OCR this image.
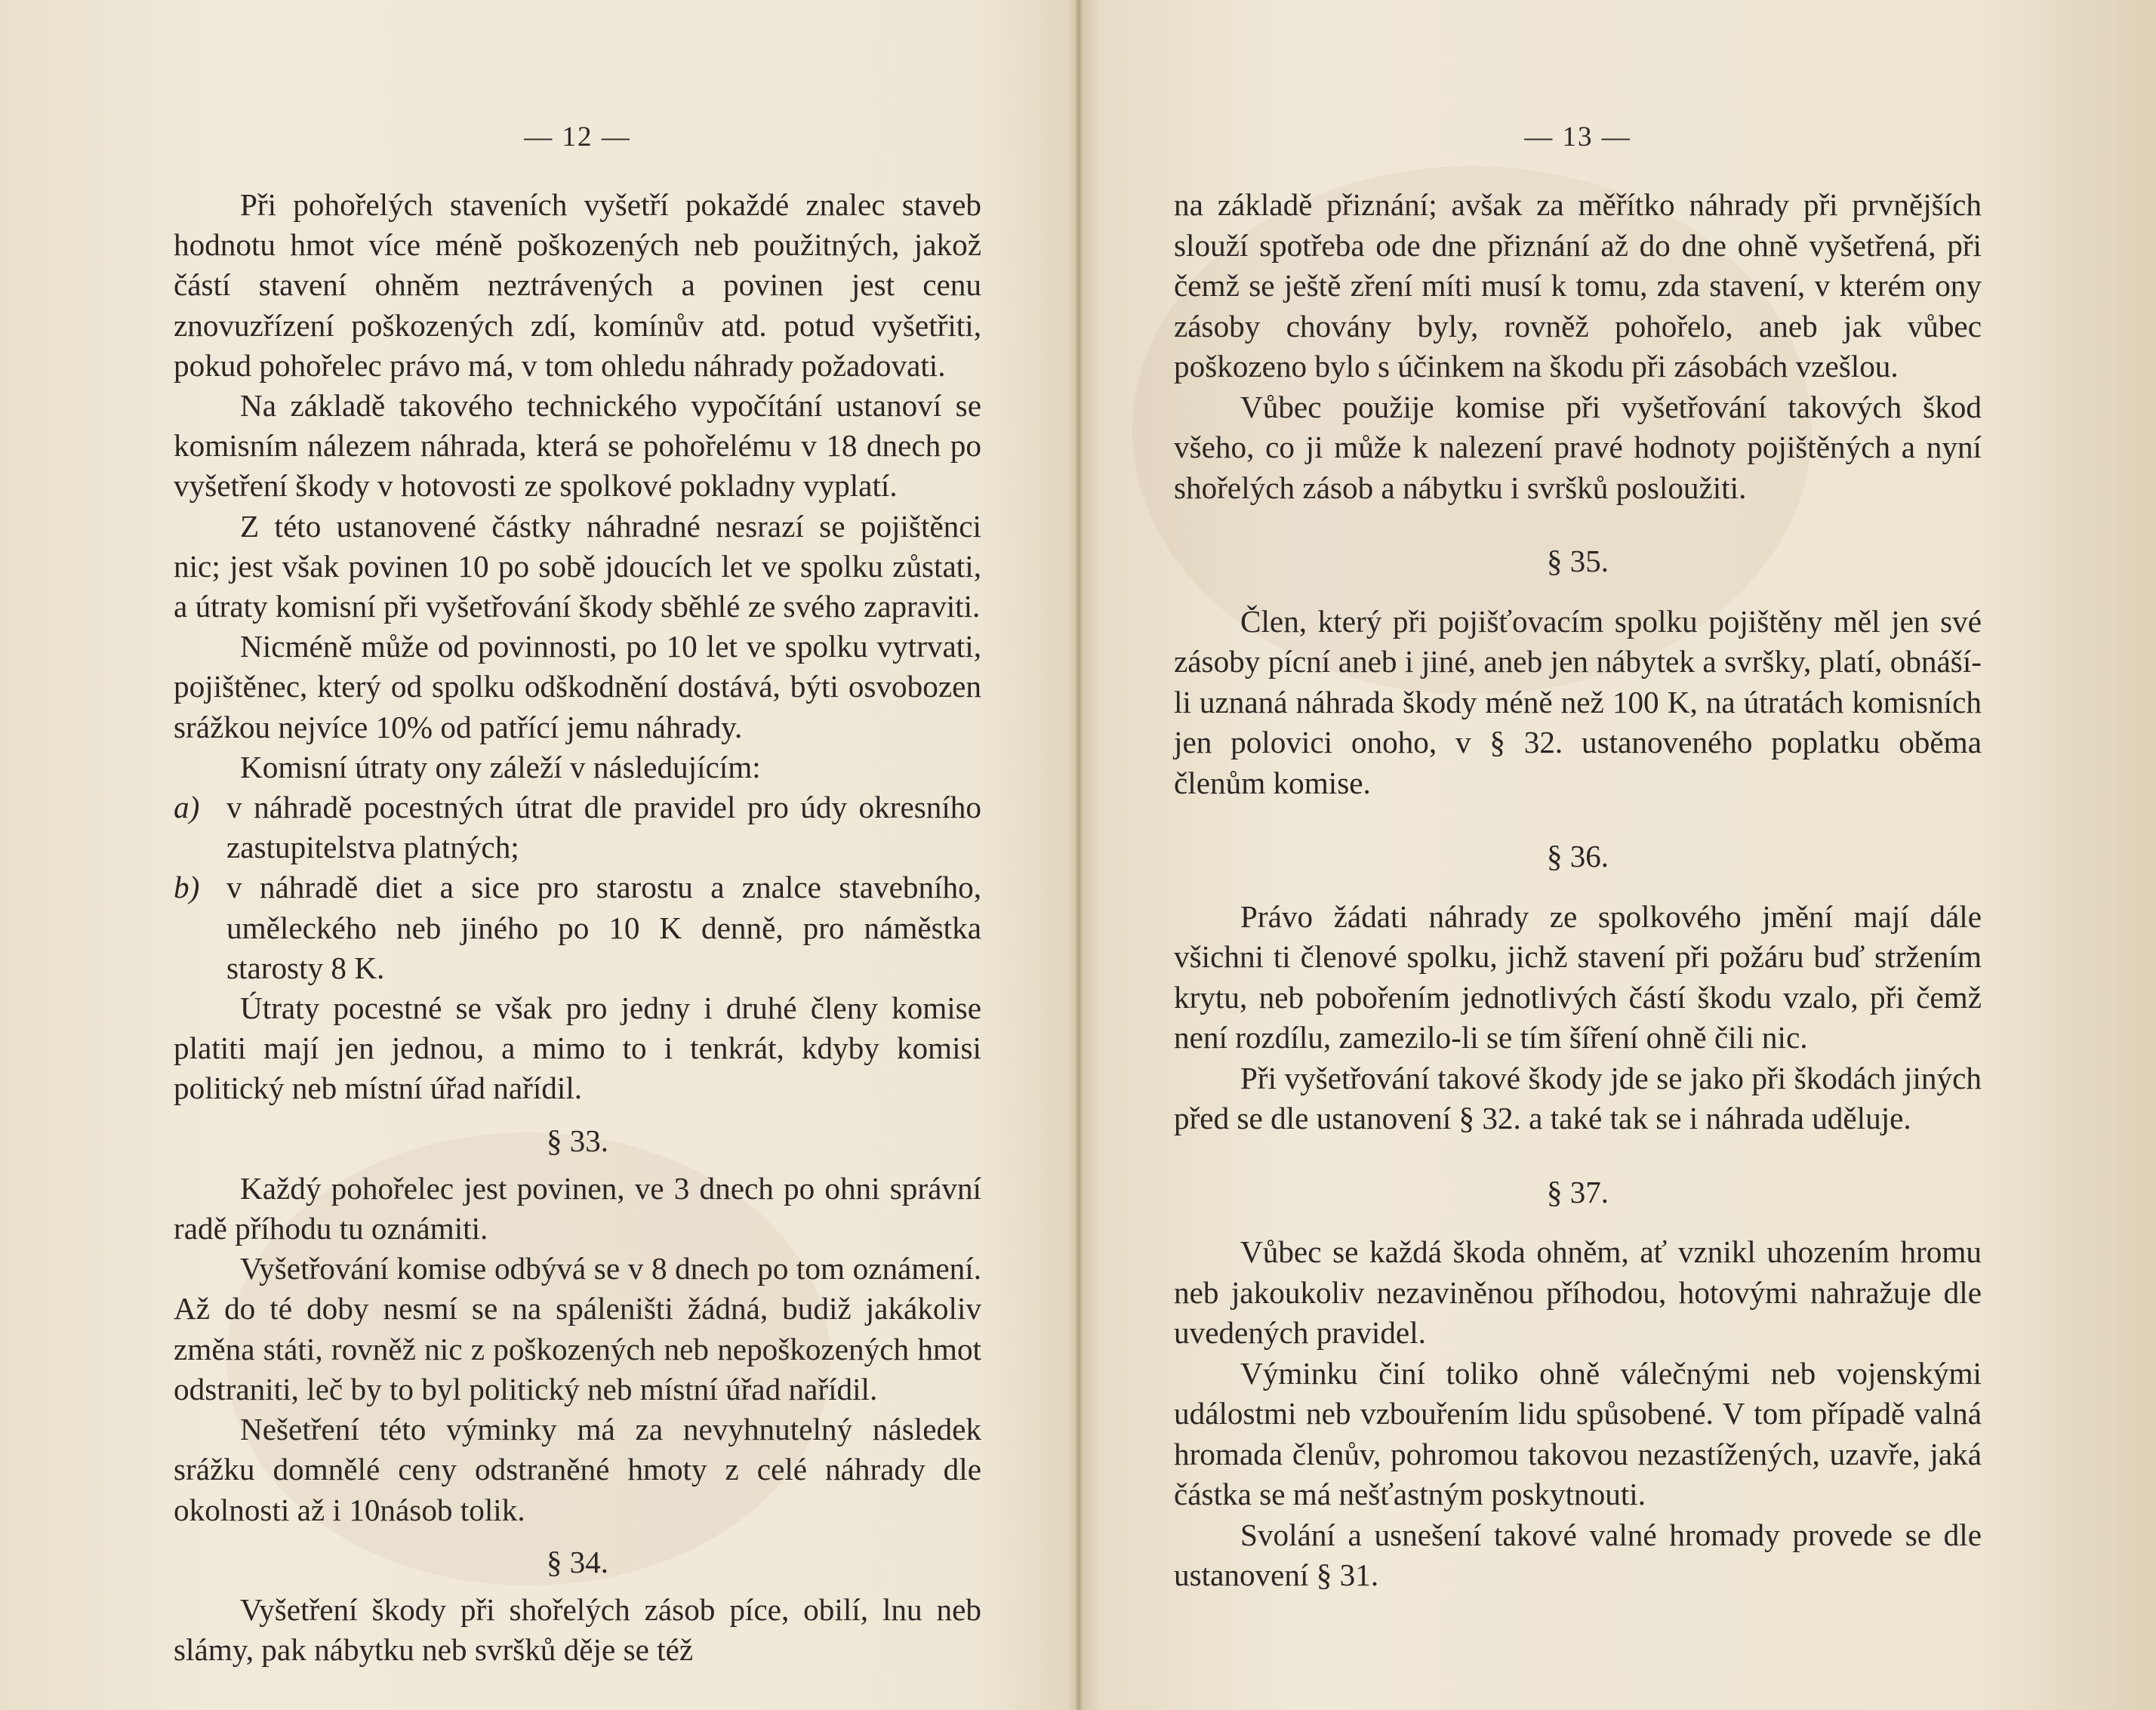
— 12 —

Při pohořelých staveních vyšetří pokaždé znalec staveb hodnotu hmot více méně poškozených neb použitných, jakož částí stavení ohněm neztrávených a povinen jest cenu znovuzřízení poškozených zdí, komínův atd. potud vyšetřiti, pokud pohořelec právo má, v tom ohledu náhrady požadovati.

Na základě takového technického vypočítání ustanoví se komisním nálezem náhrada, která se pohořelému v 18 dnech po vyšetření škody v hotovosti ze spolkové pokladny vyplatí.

Z této ustanovené částky náhradné nesrazí se pojištěnci nic; jest však povinen 10 po sobě jdoucích let ve spolku zůstati, a útraty komisní při vyšetřování škody sběhlé ze svého zapraviti.

Nicméně může od povinnosti, po 10 let ve spolku vytrvati, pojištěnec, který od spolku odškodnění dostává, býti osvobozen srážkou nejvíce 10% od patřící jemu náhrady.

Komisní útraty ony záleží v následujícím:

a) v náhradě pocestných útrat dle pravidel pro údy okresního zastupitelstva platných;
b) v náhradě diet a sice pro starostu a znalce stavebního, uměleckého neb jiného po 10 K denně, pro náměstka starosty 8 K.

Útraty pocestné se však pro jedny i druhé členy komise platiti mají jen jednou, a mimo to i tenkrát, kdyby komisi politický neb místní úřad nařídil.

§ 33.

Každý pohořelec jest povinen, ve 3 dnech po ohni správní radě příhodu tu oznámiti.

Vyšetřování komise odbývá se v 8 dnech po tom oznámení. Až do té doby nesmí se na spáleništi žádná, budiž jakákoliv změna státi, rovněž nic z poškozených neb nepoškozených hmot odstraniti, leč by to byl politický neb místní úřad nařídil.

Nešetření této výminky má za nevyhnutelný následek srážku domnělé ceny odstraněné hmoty z celé náhrady dle okolnosti až i 10násob tolik.

§ 34.

Vyšetření škody při shořelých zásob píce, obilí, lnu neb slámy, pak nábytku neb svršků děje se též

— 13 —

na základě přiznání; avšak za měřítko náhrady při prvnějších slouží spotřeba ode dne přiznání až do dne ohně vyšetřená, při čemž se ještě zření míti musí k tomu, zda stavení, v kterém ony zásoby chovány byly, rovněž pohořelo, aneb jak vůbec poškozeno bylo s účinkem na škodu při zásobách vzešlou.

Vůbec použije komise při vyšetřování takových škod všeho, co ji může k nalezení pravé hodnoty pojištěných a nyní shořelých zásob a nábytku i svršků posloužiti.

§ 35.

Člen, který při pojišťovacím spolku pojištěny měl jen své zásoby pícní aneb i jiné, aneb jen nábytek a svršky, platí, obnáší-li uznaná náhrada škody méně než 100 K, na útratách komisních jen polovici onoho, v § 32. ustanoveného poplatku oběma členům komise.

§ 36.

Právo žádati náhrady ze spolkového jmění mají dále všichni ti členové spolku, jichž stavení při požáru buď stržením krytu, neb pobořením jednotlivých částí škodu vzalo, při čemž není rozdílu, zamezilo-li se tím šíření ohně čili nic.

Při vyšetřování takové škody jde se jako při škodách jiných před se dle ustanovení § 32. a také tak se i náhrada uděluje.

§ 37.

Vůbec se každá škoda ohněm, ať vznikl uhozením hromu neb jakoukoliv nezaviněnou příhodou, hotovými nahražuje dle uvedených pravidel.

Výminku činí toliko ohně válečnými neb vojenskými událostmi neb vzbouřením lidu spůsobené. V tom případě valná hromada členův, pohromou takovou nezastížených, uzavře, jaká částka se má nešťastným poskytnouti.

Svolání a usnešení takové valné hromady provede se dle ustanovení § 31.
